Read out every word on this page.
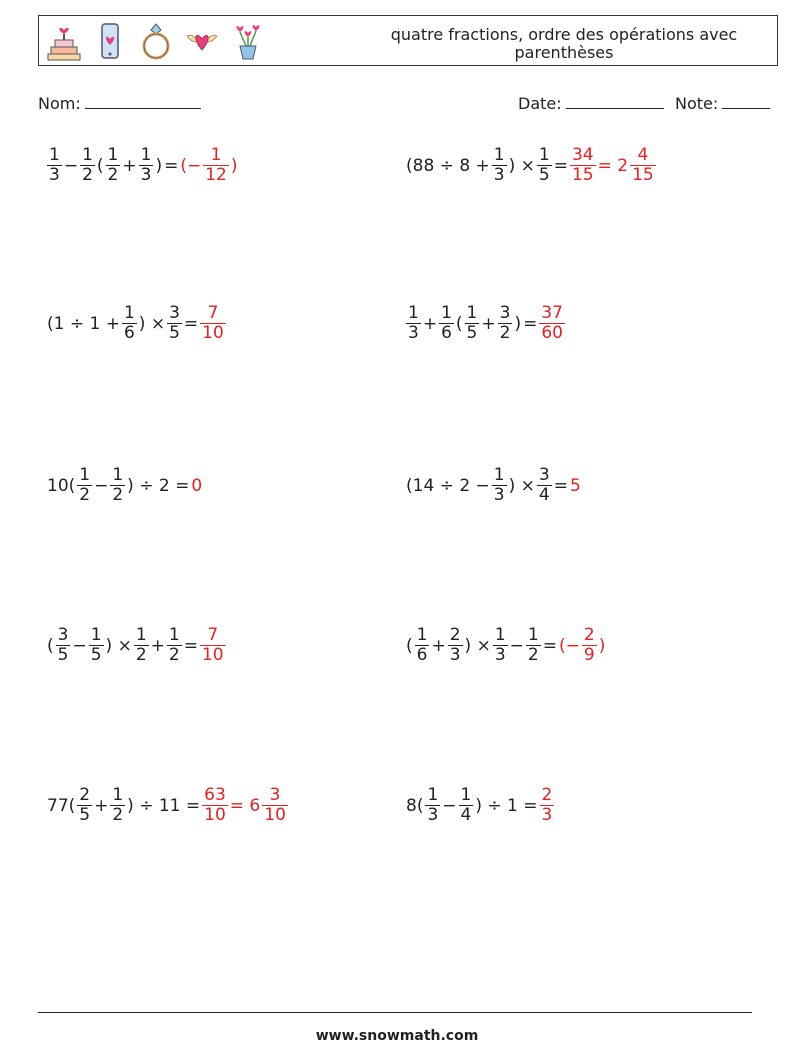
quatre fractions, ordre des opérations avec parenthèses
Nom:	Date:	Note:
$\frac{1}{3} - \frac{1}{2}$ ( $\frac{1}{2} + \frac{1}{3}$ ) = (− $\frac{1}{12}$ )	($88 \div 8 + \frac{1}{3}$ ) × $\frac{1}{5} = \frac{34}{15} = 2 \frac{4}{15}$
($1 \div 1 + \frac{1}{6}$ ) × $\frac{3}{5} = \frac{7}{10}$	$\frac{1}{3} + \frac{1}{6}$ ( $\frac{1}{5} + \frac{3}{2}$ ) = $\frac{37}{60}$
$10( \frac{1}{2} - \frac{1}{2}$ ) ÷ 2 = 0	($14 \div 2 - \frac{1}{3}$ ) × $\frac{3}{4} = 5$
( $\frac{3}{5} - \frac{1}{5}$ ) × $\frac{1}{2} + \frac{1}{2} = \frac{7}{10}$	( $\frac{1}{6} + \frac{2}{3}$ ) × $\frac{1}{3} - \frac{1}{2}$ = (− $\frac{2}{9}$ )
$77( \frac{2}{5} + \frac{1}{2}$ ) ÷ $11 = \frac{63}{10} = 6 \frac{3}{10}$	$8( \frac{1}{3} - \frac{1}{4}$ ) ÷ $1 = \frac{2}{3}$
www.snowmath.com
